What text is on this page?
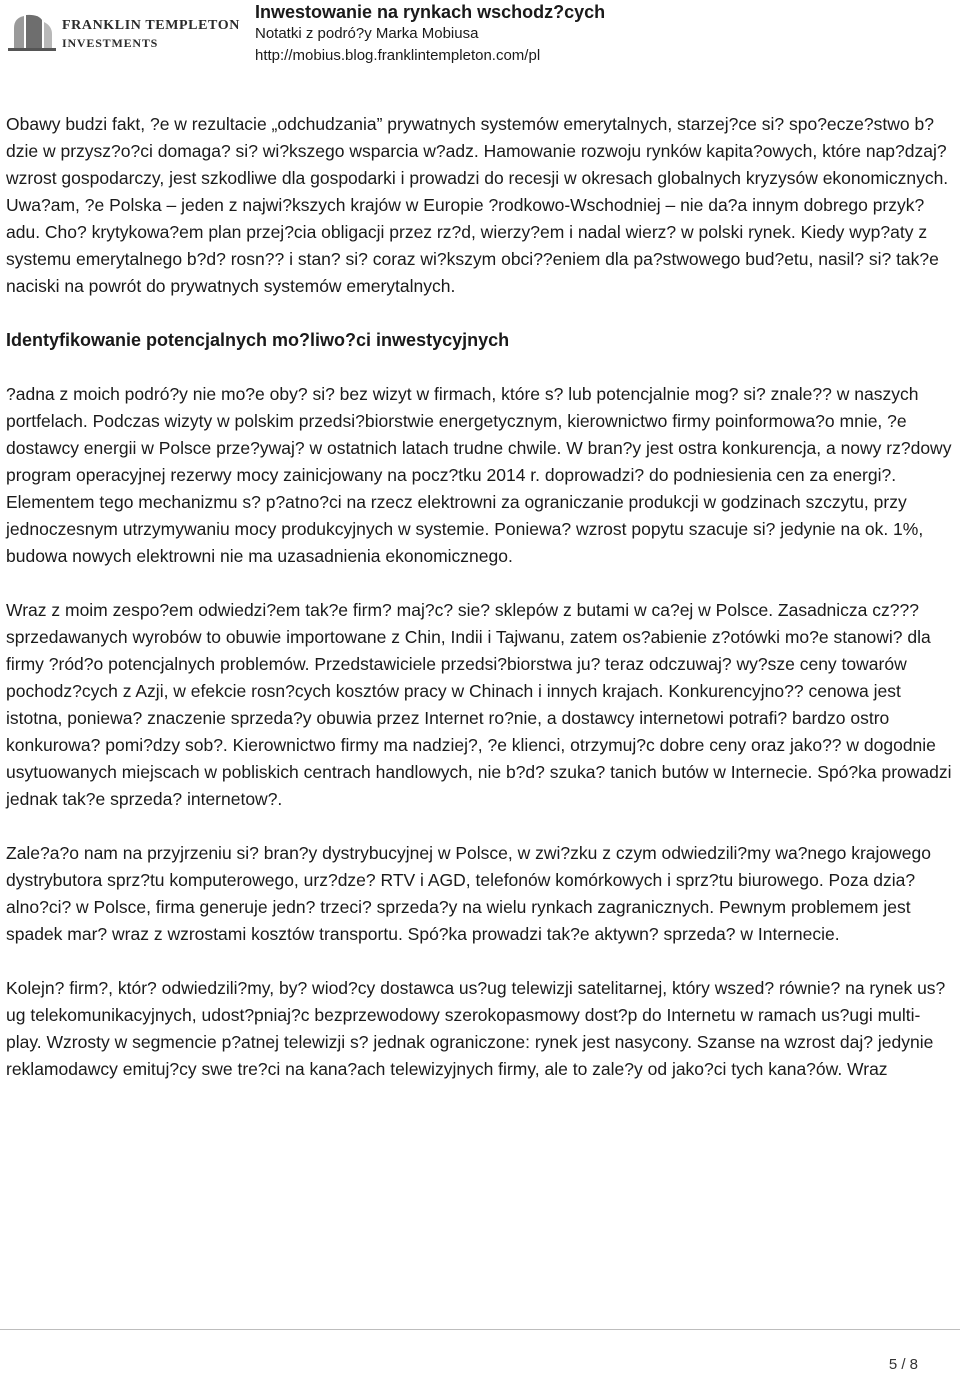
FRANKLIN TEMPLETON
INVESTMENTS
Inwestowanie na rynkach wschodz?cych
Notatki z podró?y Marka Mobiusa
http://mobius.blog.franklintempleton.com/pl

Obawy budzi fakt, ?e w rezultacie „odchudzania” prywatnych systemów emerytalnych, starzej?ce si? spo?ecze?stwo b?dzie w przysz?o?ci domaga? si? wi?kszego wsparcia w?adz. Hamowanie rozwoju rynków kapita?owych, które nap?dzaj? wzrost gospodarczy, jest szkodliwe dla gospodarki i prowadzi do recesji w okresach globalnych kryzysów ekonomicznych. Uwa?am, ?e Polska – jeden z najwi?kszych krajów w Europie ?rodkowo-Wschodniej – nie da?a innym dobrego przyk?adu. Cho? krytykowa?em plan przej?cia obligacji przez rz?d, wierzy?em i nadal wierz? w polski rynek. Kiedy wyp?aty z systemu emerytalnego b?d? rosn?? i stan? si? coraz wi?kszym obci??eniem dla pa?stwowego bud?etu, nasil? si? tak?e naciski na powrót do prywatnych systemów emerytalnych.

Identyfikowanie potencjalnych mo?liwo?ci inwestycyjnych

?adna z moich podró?y nie mo?e oby? si? bez wizyt w firmach, które s? lub potencjalnie mog? si? znale?? w naszych portfelach. Podczas wizyty w polskim przedsi?biorstwie energetycznym, kierownictwo firmy poinformowa?o mnie, ?e dostawcy energii w Polsce prze?ywaj? w ostatnich latach trudne chwile. W bran?y jest ostra konkurencja, a nowy rz?dowy program operacyjnej rezerwy mocy zainicjowany na pocz?tku 2014 r. doprowadzi? do podniesienia cen za energi?. Elementem tego mechanizmu s? p?atno?ci na rzecz elektrowni za ograniczanie produkcji w godzinach szczytu, przy jednoczesnym utrzymywaniu mocy produkcyjnych w systemie. Poniewa? wzrost popytu szacuje si? jedynie na ok. 1%, budowa nowych elektrowni nie ma uzasadnienia ekonomicznego.

Wraz z moim zespo?em odwiedzi?em tak?e firm? maj?c? sie? sklepów z butami w ca?ej w Polsce. Zasadnicza cz??? sprzedawanych wyrobów to obuwie importowane z Chin, Indii i Tajwanu, zatem os?abienie z?otówki mo?e stanowi? dla firmy ?ród?o potencjalnych problemów. Przedstawiciele przedsi?biorstwa ju? teraz odczuwaj? wy?sze ceny towarów pochodz?cych z Azji, w efekcie rosn?cych kosztów pracy w Chinach i innych krajach. Konkurencyjno?? cenowa jest istotna, poniewa? znaczenie sprzeda?y obuwia przez Internet ro?nie, a dostawcy internetowi potrafi? bardzo ostro konkurowa? pomi?dzy sob?. Kierownictwo firmy ma nadziej?, ?e klienci, otrzymuj?c dobre ceny oraz jako?? w dogodnie usytuowanych miejscach w pobliskich centrach handlowych, nie b?d? szuka? tanich butów w Internecie. Spó?ka prowadzi jednak tak?e sprzeda? internetow?.

Zale?a?o nam na przyjrzeniu si? bran?y dystrybucyjnej w Polsce, w zwi?zku z czym odwiedzili?my wa?nego krajowego dystrybutora sprz?tu komputerowego, urz?dze? RTV i AGD, telefonów komórkowych i sprz?tu biurowego. Poza dzia?alno?ci? w Polsce, firma generuje jedn? trzeci? sprzeda?y na wielu rynkach zagranicznych. Pewnym problemem jest spadek mar? wraz z wzrostami kosztów transportu. Spó?ka prowadzi tak?e aktywn? sprzeda? w Internecie.

Kolejn? firm?, któr? odwiedzili?my, by? wiod?cy dostawca us?ug telewizji satelitarnej, który wszed? równie? na rynek us?ug telekomunikacyjnych, udost?pniaj?c bezprzewodowy szerokopasmowy dost?p do Internetu w ramach us?ugi multi-play. Wzrosty w segmencie p?atnej telewizji s? jednak ograniczone: rynek jest nasycony. Szanse na wzrost daj? jedynie reklamodawcy emituj?cy swe tre?ci na kana?ach telewizyjnych firmy, ale to zale?y od jako?ci tych kana?ów. Wraz

5 / 8
